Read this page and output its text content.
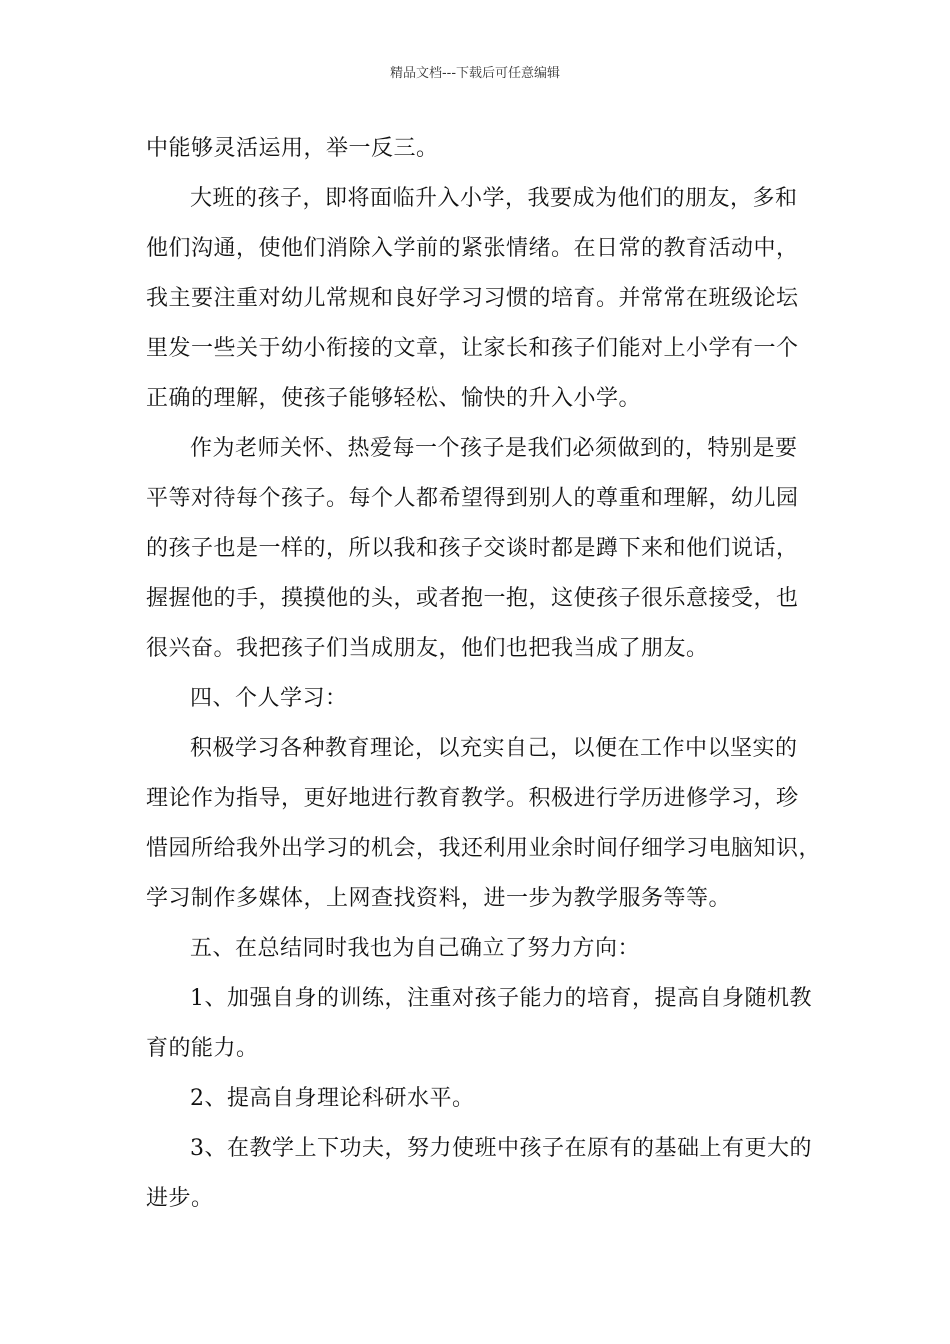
精品文档---下载后可任意编辑
中能够灵活运用，举一反三。
大班的孩子，即将面临升入小学，我要成为他们的朋友，多和
他们沟通，使他们消除入学前的紧张情绪。在日常的教育活动中，
我主要注重对幼儿常规和良好学习习惯的培育。并常常在班级论坛
里发一些关于幼小衔接的文章，让家长和孩子们能对上小学有一个
正确的理解，使孩子能够轻松、愉快的升入小学。
作为老师关怀、热爱每一个孩子是我们必须做到的，特别是要
平等对待每个孩子。每个人都希望得到别人的尊重和理解，幼儿园
的孩子也是一样的，所以我和孩子交谈时都是蹲下来和他们说话，
握握他的手，摸摸他的头，或者抱一抱，这使孩子很乐意接受，也
很兴奋。我把孩子们当成朋友，他们也把我当成了朋友。
四、个人学习：
积极学习各种教育理论，以充实自己，以便在工作中以坚实的
理论作为指导，更好地进行教育教学。积极进行学历进修学习，珍
惜园所给我外出学习的机会，我还利用业余时间仔细学习电脑知识，
学习制作多媒体，上网查找资料，进一步为教学服务等等。
五、在总结同时我也为自己确立了努力方向：
1、加强自身的训练，注重对孩子能力的培育，提高自身随机教
育的能力。
2、提高自身理论科研水平。
3、在教学上下功夫，努力使班中孩子在原有的基础上有更大的
进步。
